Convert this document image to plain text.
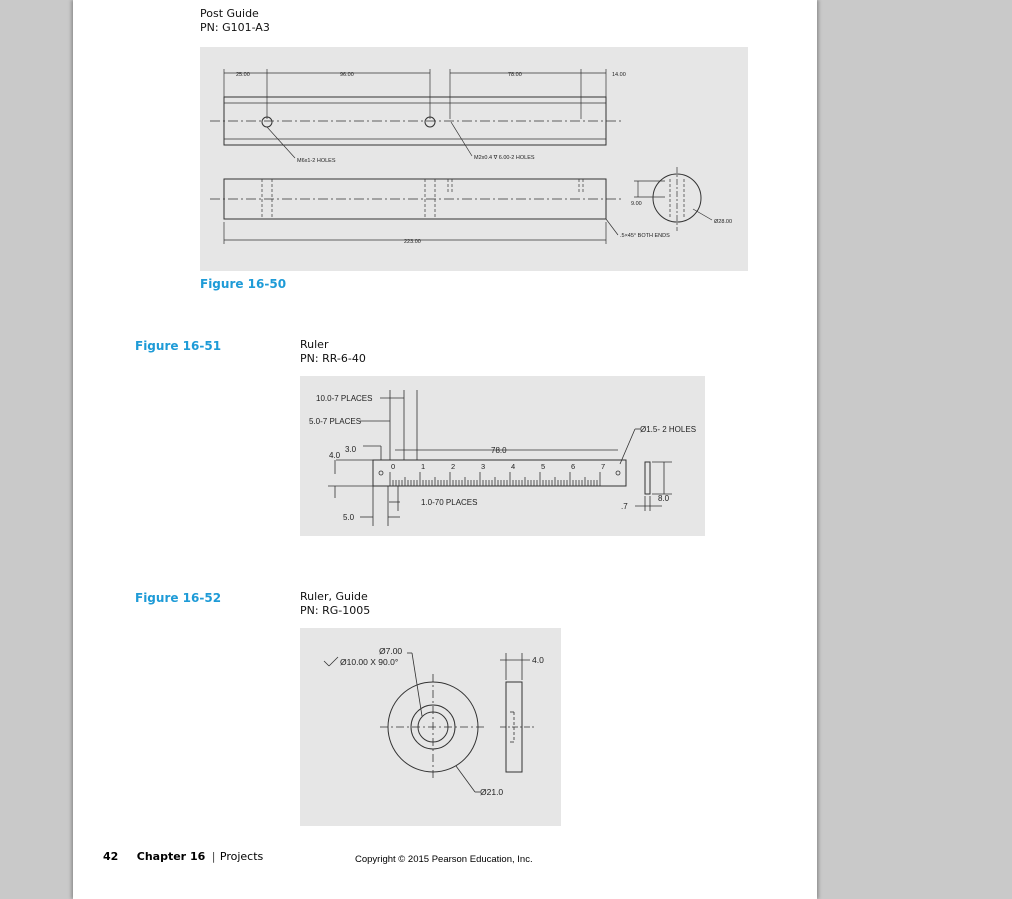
Post Guide
PN: G101-A3
25.00	96.00	78.00	14.00
M6x1-2 HOLES	M2x0.4 ∇ 6.00-2 HOLES
9.00
Ø28.00
.5×45° BOTH ENDS
223.00
Figure 16-50
Figure 16-51	Ruler
PN: RR-6-40
10.0-7 PLACES
5.0-7 PLACES
4.0
3.0	78.0
Ø1.5- 2 HOLES
1.0-70 PLACES
5.0
.7
8.0
0	1	2	3	4	5	6	7
Figure 16-52	Ruler, Guide
PN: RG-1005
Ø7.00
Ø10.00 X 90.0°	4.0
Ø21.0
42 Chapter 16 | Projects	Copyright © 2015 Pearson Education, Inc.
